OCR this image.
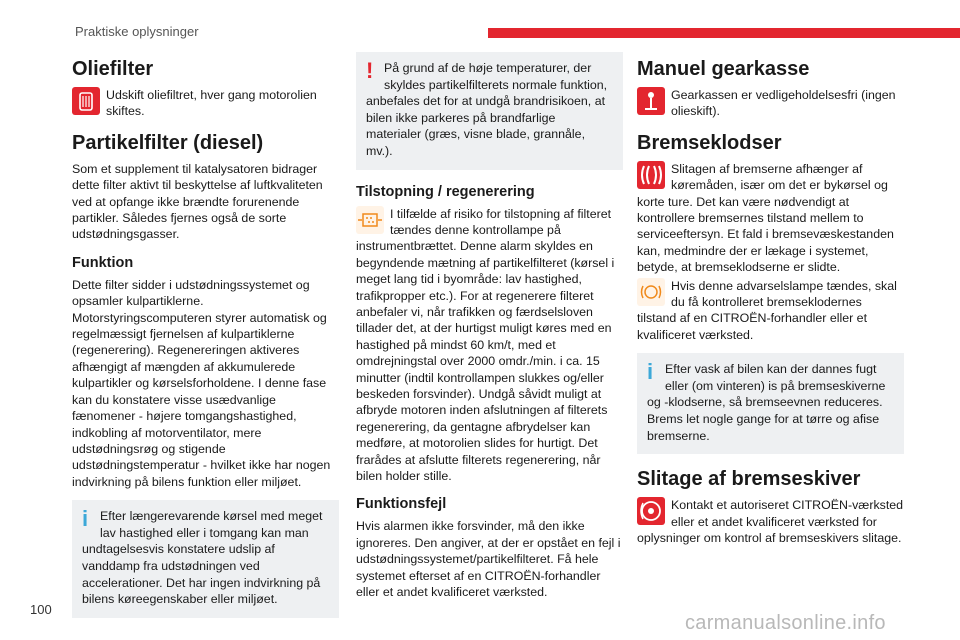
Praktiske oplysninger
Oliefilter

Udskift oliefiltret, hver gang motorolien skiftes.

Partikelfilter (diesel)

Som et supplement til katalysatoren bidrager dette filter aktivt til beskyttelse af luftkvaliteten ved at opfange ikke brændte forurenende partikler. Således fjernes også de sorte udstødningsgasser.

Funktion

Dette filter sidder i udstødningssystemet og opsamler kulpartiklerne. Motorstyringscomputeren styrer automatisk og regelmæssigt fjernelsen af kulpartiklerne (regenerering). Regenereringen aktiveres afhængigt af mængden af akkumulerede kulpartikler og kørselsforholdene. I denne fase kan du konstatere visse usædvanlige fænomener - højere tomgangshastighed, indkobling af motorventilator, mere udstødningsrøg og stigende udstødningstemperatur - hvilket ikke har nogen indvirkning på bilens funktion eller miljøet.

i Efter længerevarende kørsel med meget lav hastighed eller i tomgang kan man undtagelsesvis konstatere udslip af vanddamp fra udstødningen ved accelerationer. Det har ingen indvirkning på bilens køreegenskaber eller miljøet.

! På grund af de høje temperaturer, der skyldes partikelfilterets normale funktion, anbefales det for at undgå brandrisikoen, at bilen ikke parkeres på brandfarlige materialer (græs, visne blade, grannåle, mv.).

Tilstopning / regenerering

I tilfælde af risiko for tilstopning af filteret tændes denne kontrollampe på instrumentbrættet. Denne alarm skyldes en begyndende mætning af partikelfilteret (kørsel i meget lang tid i byområde: lav hastighed, trafikpropper etc.). For at regenerere filteret anbefaler vi, når trafikken og færdselsloven tillader det, at der hurtigst muligt køres med en hastighed på mindst 60 km/t, med et omdrejningstal over 2000 omdr./min. i ca. 15 minutter (indtil kontrollampen slukkes og/eller beskeden forsvinder). Undgå såvidt muligt at afbryde motoren inden afslutningen af filterets regenerering, da gentagne afbrydelser kan medføre, at motorolien slides for hurtigt. Det frarådes at afslutte filterets regenerering, når bilen holder stille.

Funktionsfejl

Hvis alarmen ikke forsvinder, må den ikke ignoreres. Den angiver, at der er opstået en fejl i udstødningssystemet/partikelfilteret. Få hele systemet efterset af en CITROËN-forhandler eller et andet kvalificeret værksted.

Manuel gearkasse

Gearkassen er vedligeholdelsesfri (ingen olieskift).

Bremseklodser

Slitagen af bremserne afhænger af køremåden, især om det er bykørsel og korte ture. Det kan være nødvendigt at kontrollere bremsernes tilstand mellem to serviceeftersyn. Et fald i bremsevæskestanden kan, medmindre der er lækage i systemet, betyde, at bremseklodserne er slidte.

Hvis denne advarselslampe tændes, skal du få kontrolleret bremseklodernes tilstand af en CITROËN-forhandler eller et kvalificeret værksted.

i Efter vask af bilen kan der dannes fugt eller (om vinteren) is på bremseskiverne og -klodserne, så bremseevnen reduceres. Brems let nogle gange for at tørre og afise bremserne.

Slitage af bremseskiver

Kontakt et autoriseret CITROËN-værksted eller et andet kvalificeret værksted for oplysninger om kontrol af bremseskivers slitage.

100
carmanualsonline.info
